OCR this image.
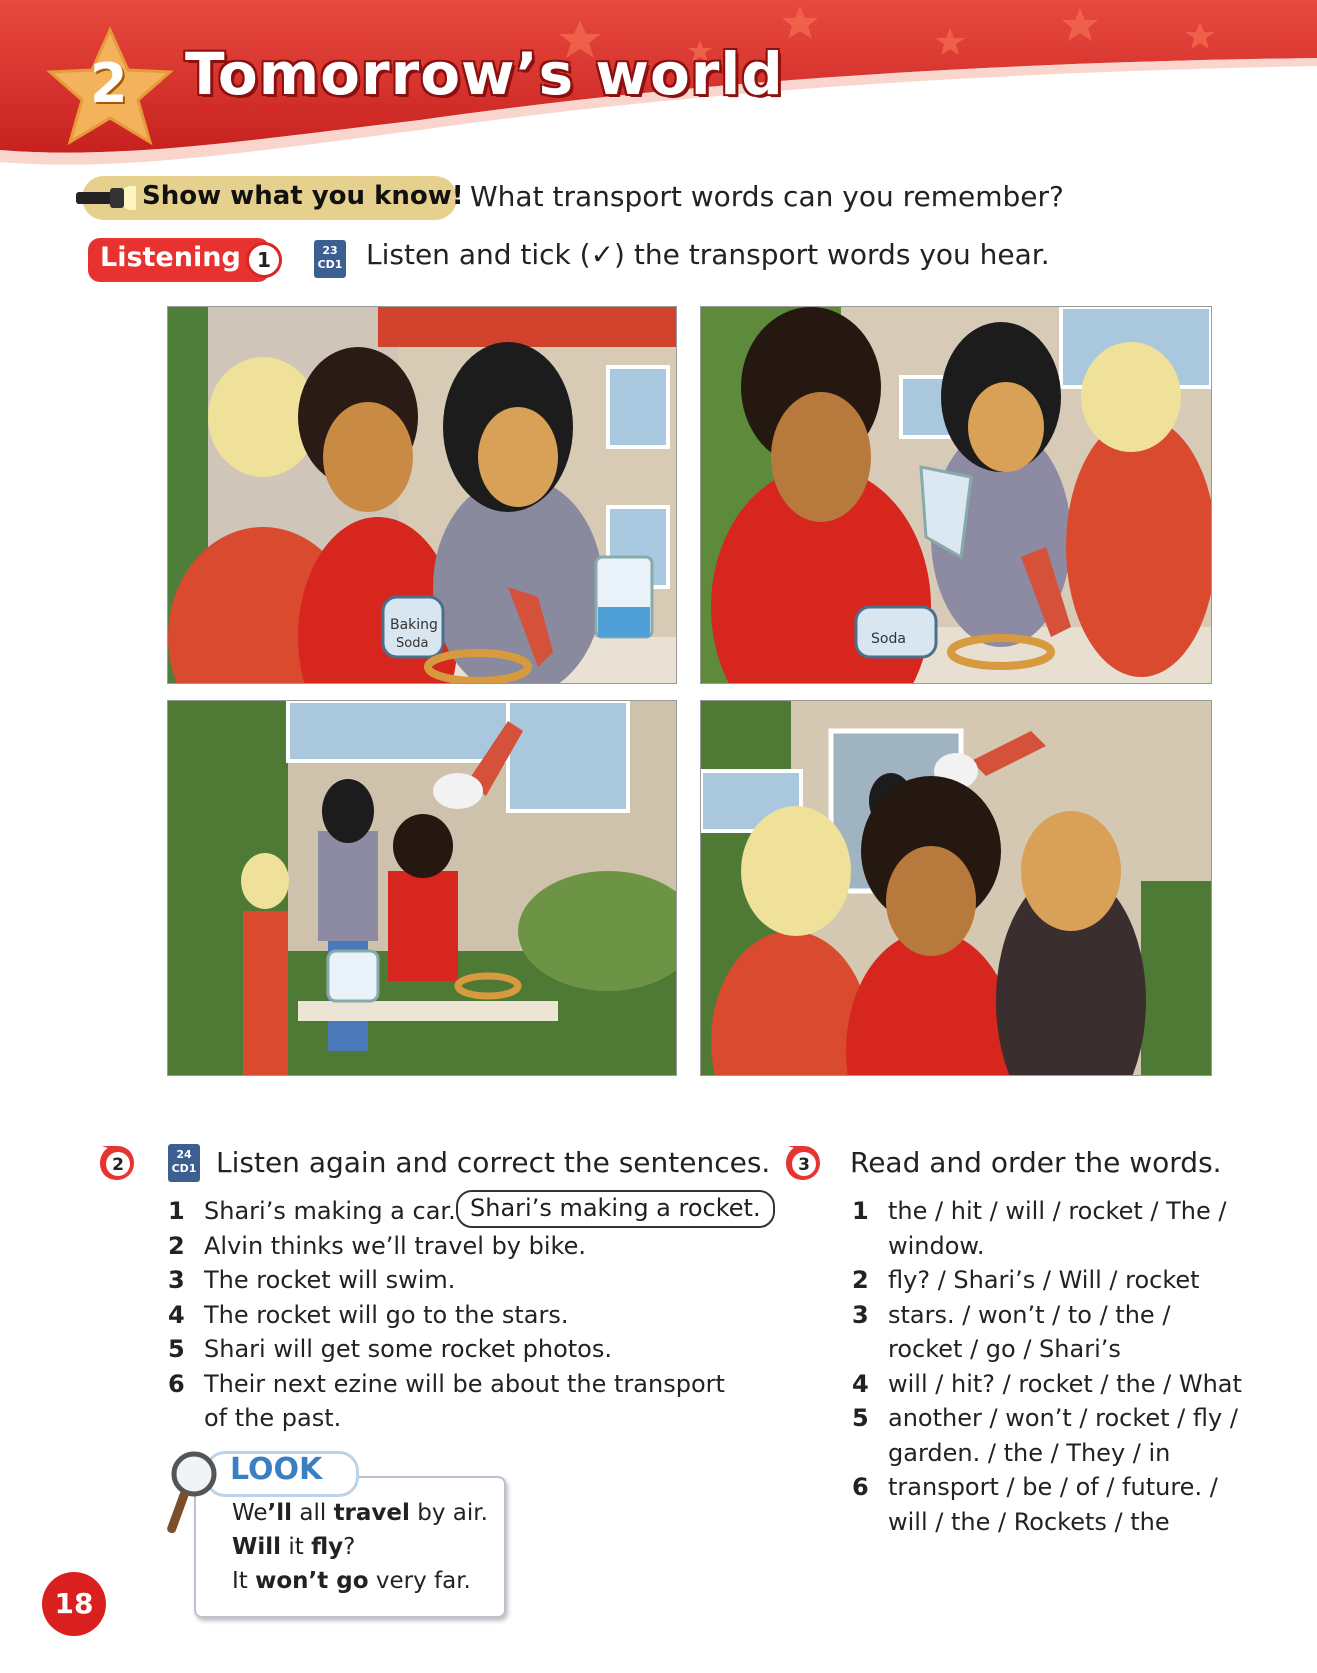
2 Tomorrow’s world
Show what you know! What transport words can you remember?
Listening 1	23
CD1 Listen and tick (✓) the transport words you hear.
Baking
Soda	Soda
2
24
CD1 Listen again and correct the sentences.
1 Shari’s making a car.
2 Alvin thinks we’ll travel by bike.
3 The rocket will swim.
4 The rocket will go to the stars.
5 Shari will get some rocket photos.
6 Their next ezine will be about the transport of the past.
Shari’s making a rocket.
3 Read and order the words.
1 the / hit / will / rocket / The / window.
2 fly? / Shari’s / Will / rocket
3 stars. / won’t / to / the / rocket / go / Shari’s
4 will / hit? / rocket / the / What
5 another / won’t / rocket / fly / garden. / the / They / in
6 transport / be / of / future. / will / the / Rockets / the
LOOK
We’ll all travel by air.
Will it fly?
It won’t go very far.
18
